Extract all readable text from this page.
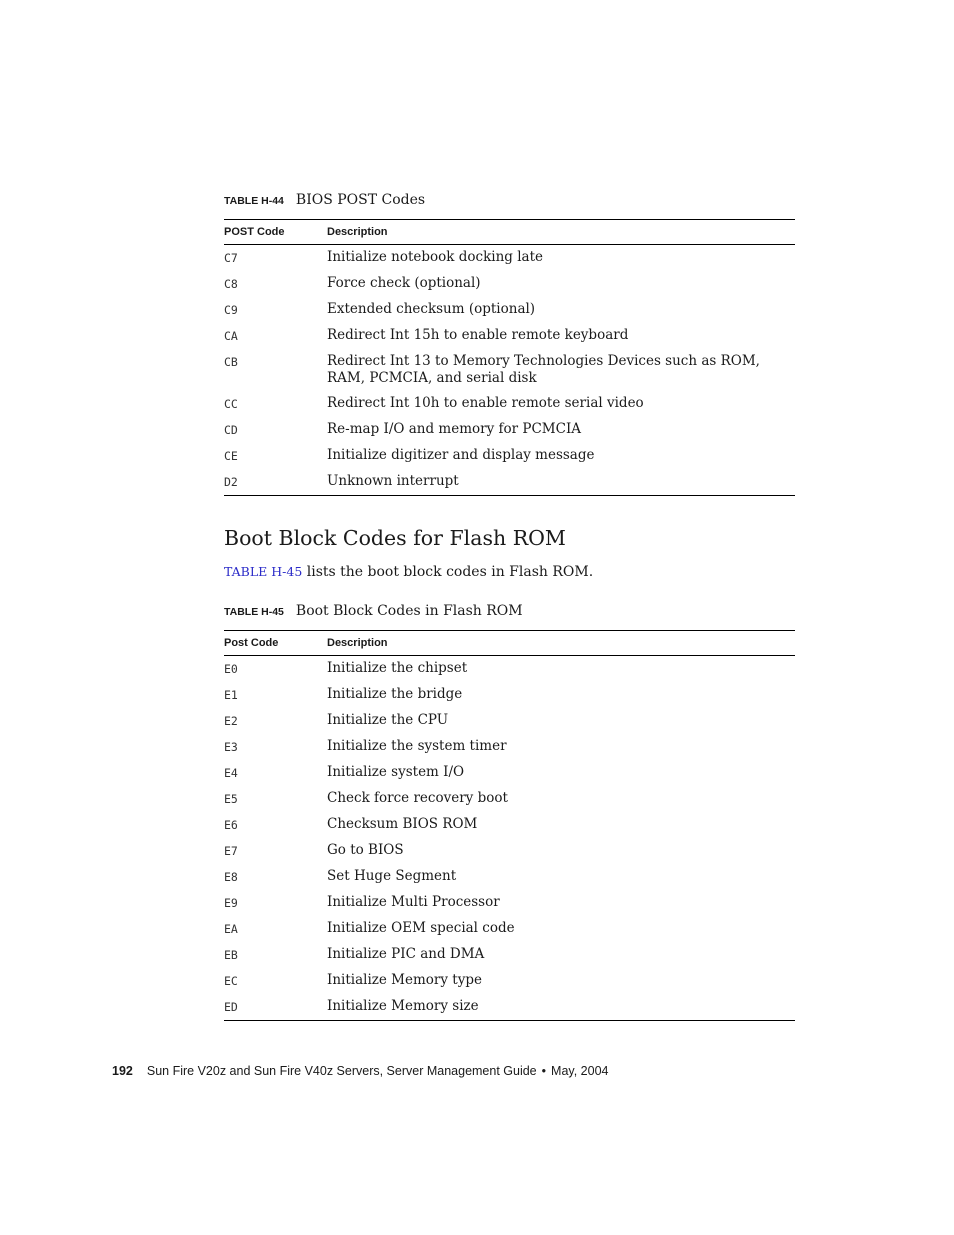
TABLE H-44 BIOS POST Codes
POST Code	Description
C7	Initialize notebook docking late
C8	Force check (optional)
C9	Extended checksum (optional)
CA	Redirect Int 15h to enable remote keyboard
CB	Redirect Int 13 to Memory Technologies Devices such as ROM, RAM, PCMCIA, and serial disk
CC	Redirect Int 10h to enable remote serial video
CD	Re-map I/O and memory for PCMCIA
CE	Initialize digitizer and display message
D2	Unknown interrupt
Boot Block Codes for Flash ROM
TABLE H-45 lists the boot block codes in Flash ROM.
TABLE H-45 Boot Block Codes in Flash ROM
Post Code	Description
E0	Initialize the chipset
E1	Initialize the bridge
E2	Initialize the CPU
E3	Initialize the system timer
E4	Initialize system I/O
E5	Check force recovery boot
E6	Checksum BIOS ROM
E7	Go to BIOS
E8	Set Huge Segment
E9	Initialize Multi Processor
EA	Initialize OEM special code
EB	Initialize PIC and DMA
EC	Initialize Memory type
ED	Initialize Memory size
192 Sun Fire V20z and Sun Fire V40z Servers, Server Management Guide • May, 2004
